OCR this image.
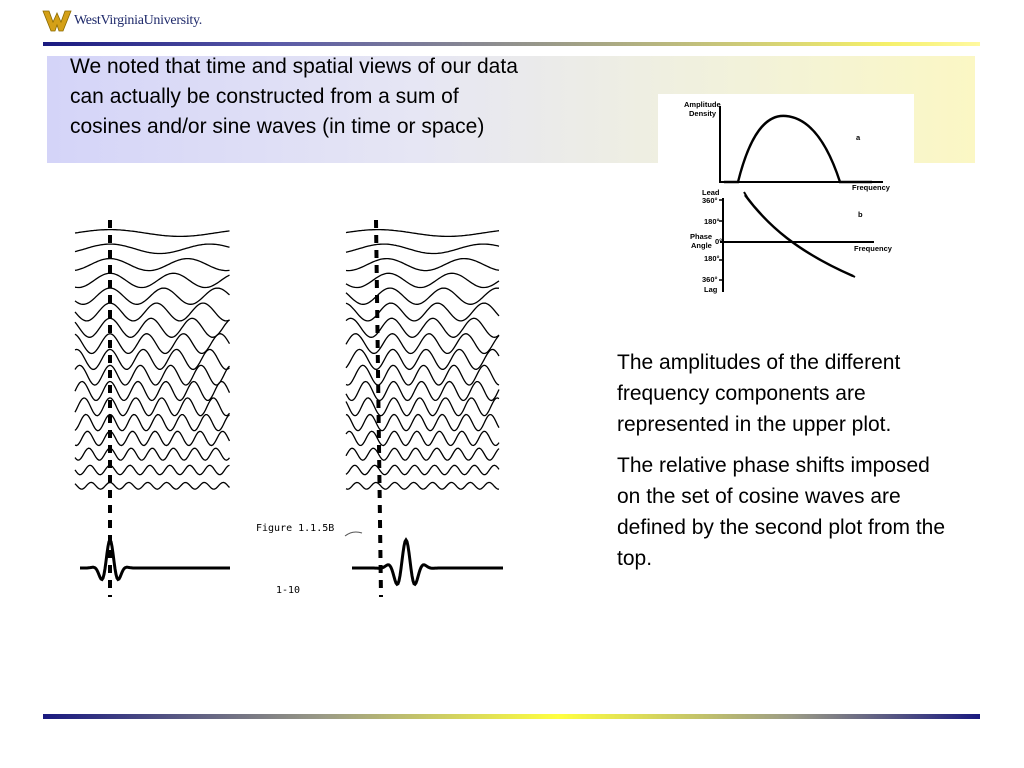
WestVirginiaUniversity.
We noted that time and spatial views of our data can actually be constructed from a sum of cosines and/or sine waves (in time or space)
Amplitude
Density
a
Frequency
Lead
360°
180°
Phase
Angle 0°
b
Frequency
180°
360°
Lag
Figure 1.1.5B
1-10

The amplitudes of the different frequency components are represented in the upper plot.

The relative phase shifts imposed on the set of cosine waves are defined by the second plot from the top.
